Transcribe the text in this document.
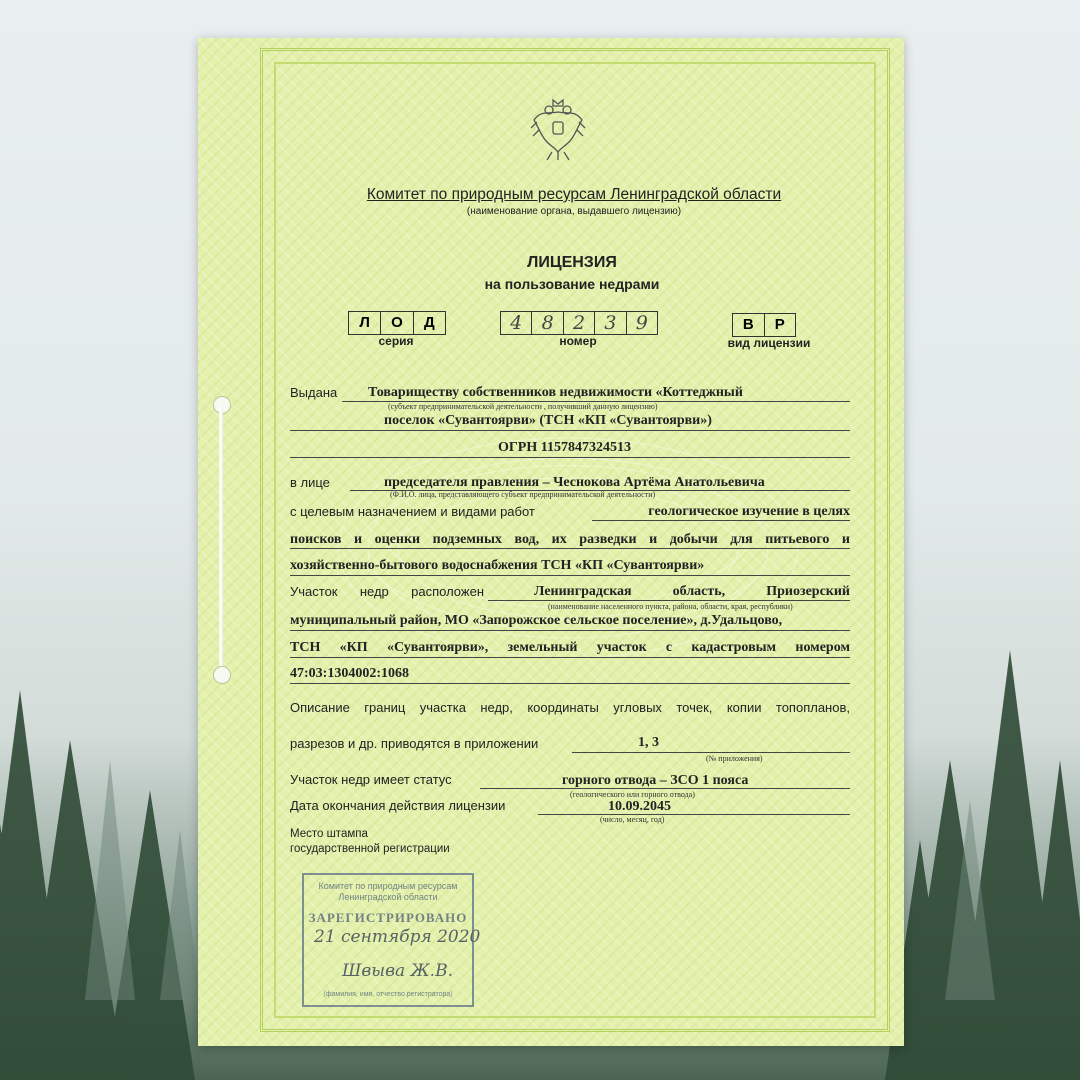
Комитет по природным ресурсам Ленинградской области
(наименование органа, выдавшего лицензию)
ЛИЦЕНЗИЯ
на пользование недрами
Л	О	Д
серия
4	8	2	3	9
номер
В	Р
вид лицензии
Выдана Товариществу собственников недвижимости «Коттеджный
(субъект предпринимательской деятельности , получивший данную лицензию)
поселок «Сувантоярви» (ТСН «КП «Сувантоярви»)
ОГРН 1157847324513
в лице	председателя правления – Чеснокова Артёма Анатольевича
(Ф.И.О. лица, представляющего субъект предпринимательской деятельности)
с целевым назначением и видами работ	геологическое изучение в целях
поисков и оценки подземных вод, их разведки и добычи для питьевого и
хозяйственно-бытового водоснабжения ТСН «КП «Сувантоярви»
Участок недр расположен	Ленинградская область, Приозерский
(наименование населенного пункта, района, области, края, республики)
муниципальный район, МО «Запорожское сельское поселение», д.Удальцово,
ТСН «КП «Сувантоярви», земельный участок с кадастровым номером
47:03:1304002:1068
Описание границ участка недр, координаты угловых точек, копии топопланов,
разрезов и др. приводятся в приложении	1, 3
(№ приложения)
Участок недр имеет статус	горного отвода – ЗСО 1 пояса
(геологического или горного отвода)
Дата окончания действия лицензии	10.09.2045
(число, месяц, год)
Место штампа
государственной регистрации
Комитет по природным ресурсам
Ленинградской области
ЗАРЕГИСТРИРОВАНО
21 сентября 2020
Швыва Ж.В.
(фамилия, имя, отчество регистратора)
